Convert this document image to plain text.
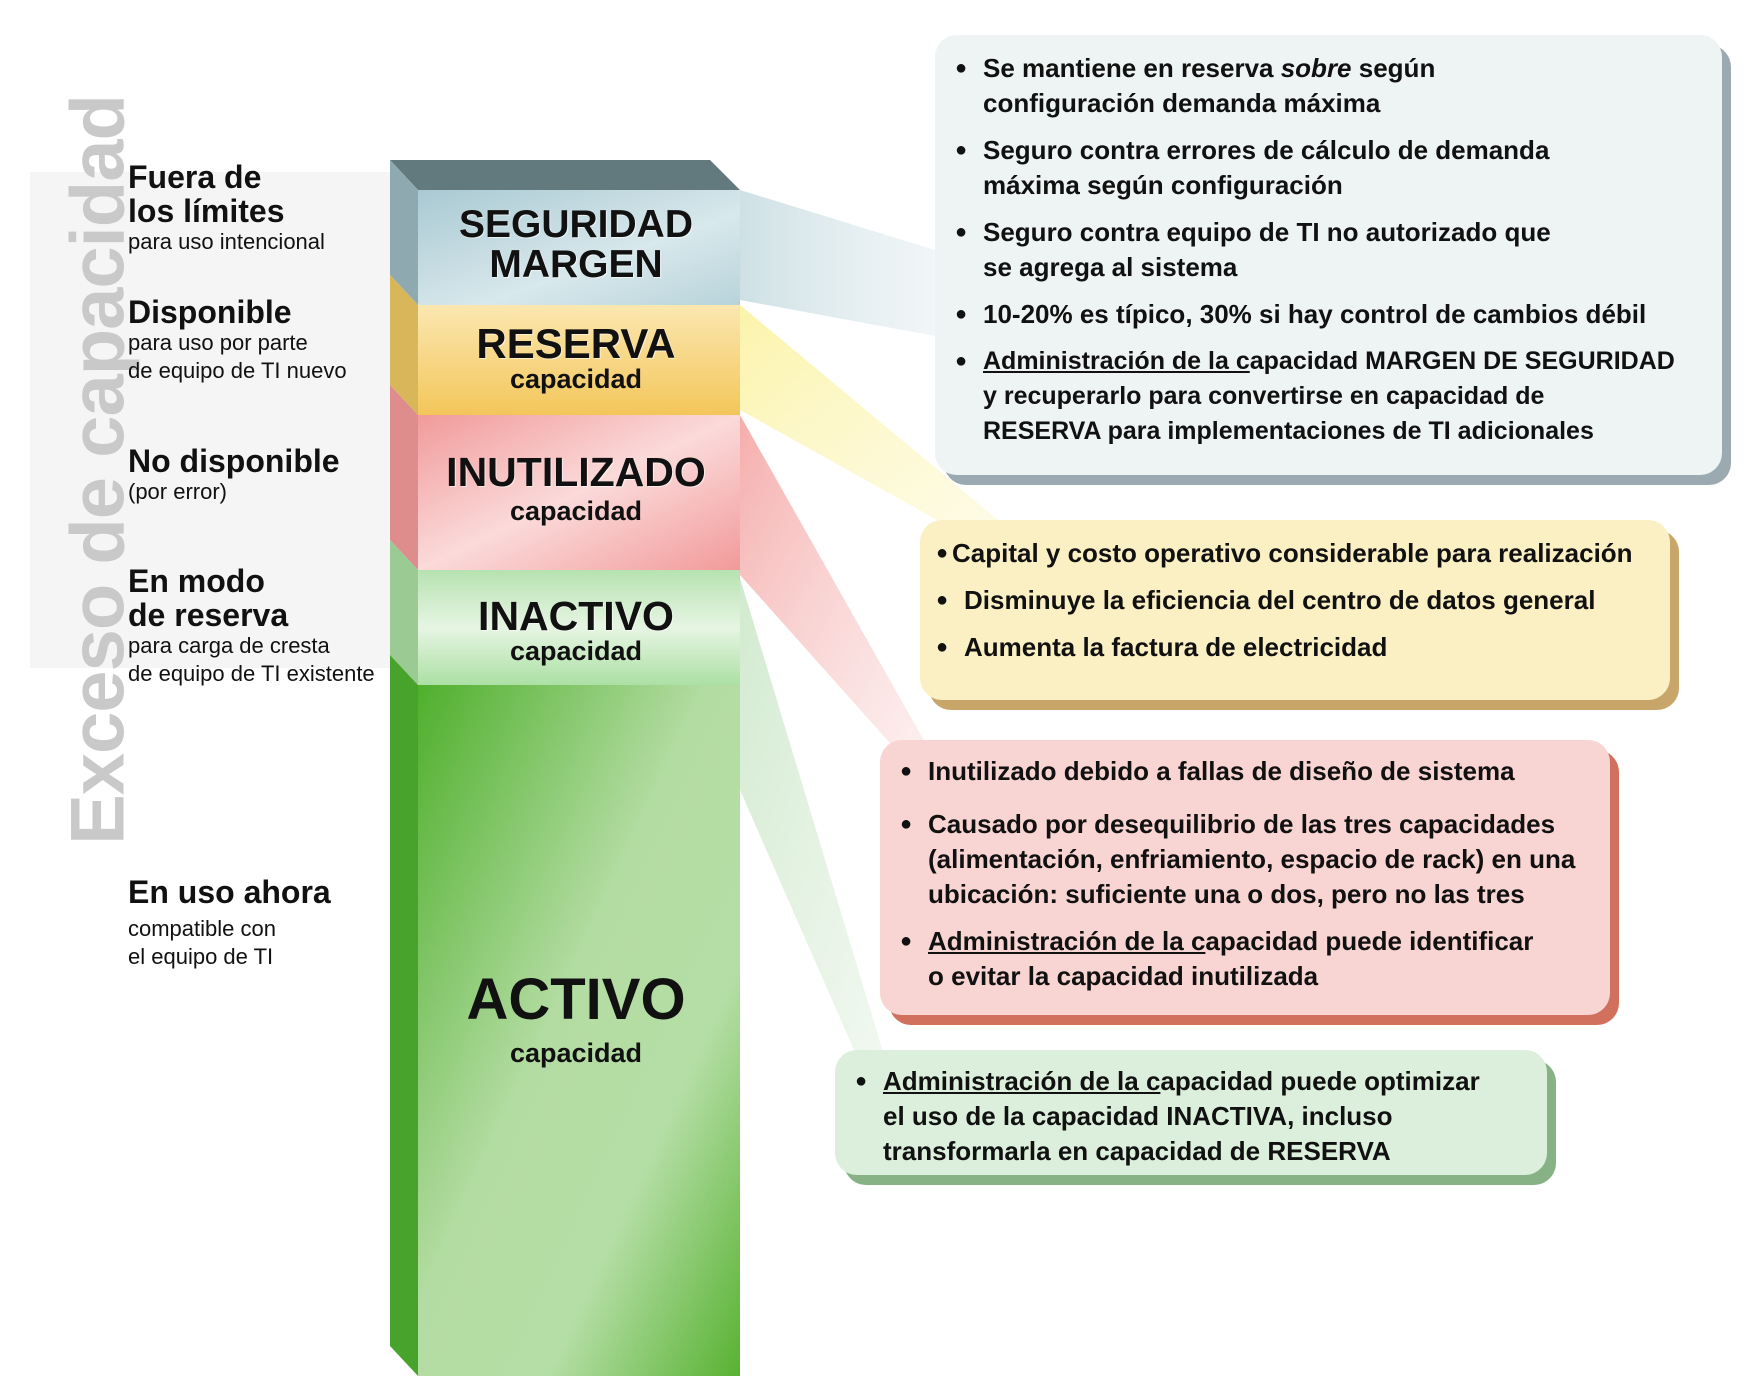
Exceso de capacidad
Fuera de
los límites
para uso intencional
Disponible
para uso por parte
de equipo de TI nuevo
No disponible
(por error)
En modo
de reserva
para carga de cresta
de equipo de TI existente
En uso ahora
compatible con
el equipo de TI
SEGURIDAD
MARGEN
RESERVA
capacidad
INUTILIZADO
capacidad
INACTIVO
capacidad
ACTIVO
capacidad
● Se mantiene en reserva sobre según
configuración demanda máxima
● Seguro contra errores de cálculo de demanda
máxima según configuración
● Seguro contra equipo de TI no autorizado que
se agrega al sistema
● 10-20% es típico, 30% si hay control de cambios débil
● Administración de la capacidad MARGEN DE SEGURIDAD
y recuperarlo para convertirse en capacidad de
RESERVA para implementaciones de TI adicionales
● Capital y costo operativo considerable para realización
● Disminuye la eficiencia del centro de datos general
● Aumenta la factura de electricidad
● Inutilizado debido a fallas de diseño de sistema
● Causado por desequilibrio de las tres capacidades
(alimentación, enfriamiento, espacio de rack) en una
ubicación: suficiente una o dos, pero no las tres
● Administración de la capacidad puede identificar
o evitar la capacidad inutilizada
● Administración de la capacidad puede optimizar
el uso de la capacidad INACTIVA, incluso
transformarla en capacidad de RESERVA
